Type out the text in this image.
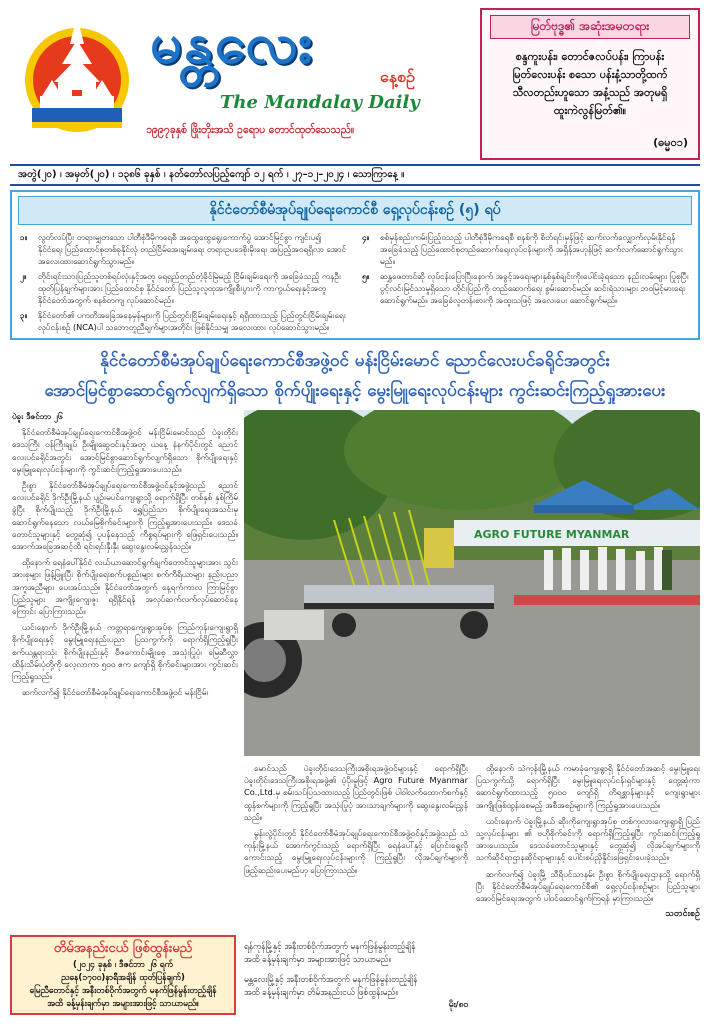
မန္တလေး
နေ့စဉ်
The Mandalay Daily
၁၉၉၇ခုနှစ် ဖြိုးတိုးအသိ ဥရောပ တောင်ထုတ်သေသည်။
မြတ်ဗုဒ္ဓ၏ အဆုံးအမတရား
စန္ဒကူးပန်း၊ တောင်ဇလပ်ပန်း၊ ကြာပန်း
မြတ်လေးပန်း စသော ပန်းနံ့သာတို့ထက်
သီလတည်းဟူသော အနံ့သည် အတုမရှိ
ထူးကဲလွန်မြတ်၏။
(ဓမ္မ၀၁)
အတွဲ(၂၀) ၊ အမှတ်(၂၀) ၊ ၁၃၈၆ ခုနှစ် ၊ နတ်တော်လပြည့်ကျော် ၁၂ ရက် ၊ ၂၇–၁၂–၂၀၂၄ ၊ သောကြာနေ့ ။
နိုင်ငံတော်စီမံအုပ်ချုပ်ရေးကောင်စီ ရှေ့လုပ်ငန်းစဉ် (၅) ရပ်
၁။	လွတ်လပ်ပြီး တရားမျှတသော ပါတီစုံဒီမိုကရေစီ အထွေထွေရွေးကောက်ပွဲ အောင်မြင်စွာ ကျင်းပ၍ နိုင်ငံရေး ပြည်ထောင်စုတစ်ခုနိုင်လုံ တည်ငြိမ်အေးချမ်းရေး တရားဥပဒေစိုးမိုးရေး အပြည့်အဝရရှိလာ အောင် အလေးထားဆောင်ရွက်သွားမည်။
၂။	တိုင်းရင်းသားပြည်သူတစ်ရပ်လုံးနှင့်အတူ ရေရှည်တည်တံ့ခိုင်မြဲမည့် ငြိမ်းချမ်းရေးကို အခြေခံသည့် ကနဦးထုတ်ပြန်ချက်များအား ပြည်ထောင်စု နိုင်ငံတော် ပြည်သူလူထုအကျိုးစီးပွားကို ကာကွယ်ရေးနှင့်အတူ နိုင်ငံတော်အတွက် စနစ်တကျ လုပ်ဆောင်မည်။
၃။	နိုင်ငံတော်၏ ပကတိအခြေအနေမှန်များကို ပြည်တွင်းငြိမ်းချမ်းရေးနှင့် ရရှိထားသည့် ပြည်တွင်းငြိမ်းချမ်းရေးလုပ်ငန်းစဉ် (NCA)ပါ သဘောတူညီချက်များအတိုင်း ဖြစ်နိုင်သမျှ အလေးထား လုပ်ဆောင်သွားမည်။
၄။	စစ်မှန်စည်းကမ်းပြည့်ဝသည့် ပါတီစုံဒီမိုကရေစီ စနစ်ကို စိတ်ရင်းမှန်ဖြင့် ဆက်လက်လျှောက်လှမ်းနိုင်ရန် အခြေခံသည့် ပြည်ထောင်စုတည်ဆောက်ရေးလုပ်ငန်းများကို အရှိန်အဟုန်ဖြင့် ဆက်လက်ဆောင်ရွက်သွားမည်။
၅။	ဆနွှဖေတာင်ဆို လုပ်ငန်းပြောပြီးနောက် အခွင့်အရေးများနှစ်နှစ်ချင်းကိုးပေါင်းခဲ့ရသော နည်းလမ်းများ ပြုစုပြီး ပွင့်လင်းမြင်သာမှုရှိသော တိုင်းပြည်ကို တည်ဆောက်ရေး စွမ်းဆောင်မည်။ ဆင်းရဲသားများ ဘဝမြင့်မားရေး ဆောင်ရွက်မည်။ အခြေခံလူတန်းစားကို အထူးသဖြင့် အလေးပေး ဆောင်ရွက်မည်။
နိုင်ငံတော်စီမံအုပ်ချုပ်ရေးကောင်စီအဖွဲ့ဝင် မန်းငြိမ်းမောင် ညောင်လေးပင်ခရိုင်အတွင်း
အောင်မြင်စွာဆောင်ရွက်လျက်ရှိသော စိုက်ပျိုးရေးနှင့် မွေးမြူရေးလုပ်ငန်းများ ကွင်းဆင်းကြည့်ရှုအားပေး

ပဲခူး ဒီဇင်ဘာ ၂၆

နိုင်ငံတော်စီမံအုပ်ချုပ်ရေးကောင်စီအဖွဲ့ဝင် မန်းငြိမ်းမောင်သည် ပဲခူးတိုင်းဒေသကြီး ဝန်ကြီးချုပ် ဦးမျိုးဆွေဝင်းနှင့်အတူ ယနေ့ နံနက်ပိုင်းတွင် ညောင်လေးပင်ခရိုင်အတွင်း အောင်မြင်စွာဆောင်ရွက်လျက်ရှိသော စိုက်ပျိုးရေးနှင့် မွေးမြူရေးလုပ်ငန်းများကို ကွင်းဆင်းကြည့်ရှုအားပေးသည်။

ဦးစွာ နိုင်ငံတော်စီမံအုပ်ချုပ်ရေးကောင်စီအဖွဲ့ဝင်နှင့်အဖွဲ့သည် ညောင်လေးပင်ခရိုင် ဒိုက်ဦးမြို့နယ် ပျဉ်းမပင်ကျေးရွာသို့ ရောက်ရှိပြီး တစ်နှစ် နှစ်ကြိမ်ခွဲပြီး စိုက်ပျိုးသည့် ဒိုက်ဦးမြို့နယ် ရွှေပြည်သာ စိုက်ပျိုးရေးအသင်းမှ ဆောင်ရွက်နေသော လယ်မြေစိုက်ခင်းများကို ကြည့်ရှုအားပေးသည်။ ဒေသခံတောင်သူများနှင့် တွေ့ဆုံ၍ ပူပန်နေသည့် ကိစ္စရပ်များကို ဖြေရှင်းပေးသည်။ အောက်အခြေအဆင့်ထိ ရင်းရင်းနှီးနှီး ဆွေးနွေးလမ်းညွှန်သည်။

ထို့နောက် ရေနံပေါ်နိုင်ငံ လယ်ယာဆောင်ရွက်ချက်တောင်သူများအား သွင်းအားစုများ ဖြန့်ဖြူးပြီး စိုက်ပျိုးရေးစက်ပစ္စည်းများ စက်ကိရိယာများ နည်းပညာအကူအညီများ ပေးအပ်သည်။ နိုင်ငံတော်အတွက် နေ့ရက်ကာလ ကြာမြင့်စွာ ပြည်သူများ အကျိုးကျေးဇူး ရရှိနိုင်ရန် အလုပ်ဆက်လက်လုပ်ဆောင်နေကြောင်း ပြောကြားသည်။

ယင်းနောက် ဒိုက်ဦးမြို့နယ် ကတ္တရာကျေးရွာအုပ်စု ကြည်ကုန်းကျေးရွာရှိ စိုက်ပျိုးရေးနှင့် မွေးမြူရေးနည်းပညာ ပြသကွက်ကို ရောက်ရှိကြည့်ရှုပြီး စက်ယန္တရားသုံး စိုက်ပျိုးနည်းနှင့် ဗီဇကောင်းမျိုးစေ့ အသုံးပြုပုံ၊ မြေဆီလွှာ ထိန်းသိမ်းပုံတို့ကို လေ့လာကာ ၅၀၀ ဧက ကျော်ရှိ စိုက်ခင်းများအား ကွင်းဆင်းကြည့်ရှုသည်။

ဆက်လက်၍ နိုင်ငံတော်စီမံအုပ်ချုပ်ရေးကောင်စီအဖွဲ့ဝင် မန်းငြိမ်း

AGRO FUTURE MYANMAR

မောင်သည် ပဲခူးတိုင်းဒေသကြီးအစိုးရအဖွဲ့ဝင်များနှင့် ရောက်ရှိပြီး ပဲခူးတိုင်းဒေသကြီးအစိုးရအဖွဲ့၏ ပံ့ပိုးမှုဖြင့် Agro Future Myanmar Co.,Ltd.မှ စမ်းသပ်ပြသထားသည့် ပြည်တွင်းဖြစ် ပါဝါလက်ထောက်စက်နှင့် ထွန်စက်များကို ကြည့်ရှုပြီး အသုံးပြုပုံ အားသာချက်များကို ဆွေးနွေးလမ်းညွှန်သည်။

မွန်းလွဲပိုင်းတွင် နိုင်ငံတော်စီမံအုပ်ချုပ်ရေးကောင်စီအဖွဲ့ဝင်နှင့်အဖွဲ့သည် သဲကုန်းမြို့နယ် အောက်ကွင်းသည့် ရောက်ရှိပြီး ရေနံပေါ်နှင့် ပြောင်းရွေ့လိုကောင်းသည့် မွေးမြူရေးလုပ်ငန်းများကို ကြည့်ရှုပြီး လိုအပ်ချက်များကို ဖြည့်ဆည်းပေးမည်ဟု ပြောကြားသည်။

ထို့နောက် သဲကုန်းမြို့နယ် ကမာခုံကျေးရွာရှိ နိုင်ငံတော်အဆင့် မွေးမြူရေး ပြသကွက်သို့ ရောက်ရှိပြီး မွေးမြူရေးလုပ်ငန်းရှင်များနှင့် တွေ့ဆုံကာ ဆောင်ရွက်ထားသည့် ၅၀၀၀ ကျော်ရှိ တိရစ္ဆာန်များနှင့် ကျေးရွာများ အကျိုးဖြစ်ထွန်းစေမည့် အစီအစဉ်များကို ကြည့်ရှုအားပေးသည်။

ယင်းနောက် ပဲခူးမြို့နယ် ဆိုးကိုကျေးရွာအုပ်စု တစ်ကုလားကျေးရွာရှိ ပြည်သူ့လုပ်ငန်းများ ၏ ဗဟိုစိုက်ခင်းကို ရောက်ရှိကြည့်ရှုပြီး ကွင်းဆင်းကြည့်ရှုအားပေးသည်။ ဒေသခံတောင်သူများနှင့် တွေ့ဆုံ၍ လိုအပ်ချက်များကို သက်ဆိုင်ရာဌာနဆိုင်ရာများနှင့် ပေါင်းစပ်ညှိနှိုင်းဖြေရှင်းပေးခဲ့သည်။

ဆက်လက်၍ ပဲခူးမြို့ သီရိပင်သာနမ်း ဦးစွာ စိုက်ပျိုးရေးဌာနသို့ ရောက်ရှိပြီး နိုင်ငံတော်စီမံအုပ်ချုပ်ရေးကောင်စီ၏ ရှေ့လုပ်ငန်းစဉ်များ ပြည်သူများ အောင်မြင်ရေးအတွက် ပါဝင်ဆောင်ရွက်ကြရန် မှာကြားသည်။

သတင်းစဉ်
တိမ်အနည်းငယ် ဖြစ်ထွန်းမည်
(၂၀၂၄ ခုနှစ် ၊ ဒီဇင်ဘာ ၂၆ ရက်
ညနေ(၁၇၀၀)နာရီအချိန် ထုတ်ပြန်ချက်)
မြေညီတောင်နှင့် အနီးတစ်ဝိုက်အတွက် မနက်ဖြန်မွန်းတည့်ချိန်
အထိ ခန့်မှန်းချက်မှာ အများအားဖြင့် သာယာမည်။
ရန်ကုန်မြို့နှင့် အနီးတစ်ဝိုက်အတွက် မနက်ဖြန်မွန်းတည့်ချိန်
အထိ ခန့်မှန်းချက်မှာ အများအားဖြင့် သာယာမည်။
မန္တလေးမြို့နှင့် အနီးတစ်ဝိုက်အတွက် မနက်ဖြန်မွန်းတည့်ချိန်
အထိ ခန့်မှန်းချက်မှာ တိမ်အနည်းငယ် ဖြစ်ထွန်းမည်။
မိုး/၈၀
